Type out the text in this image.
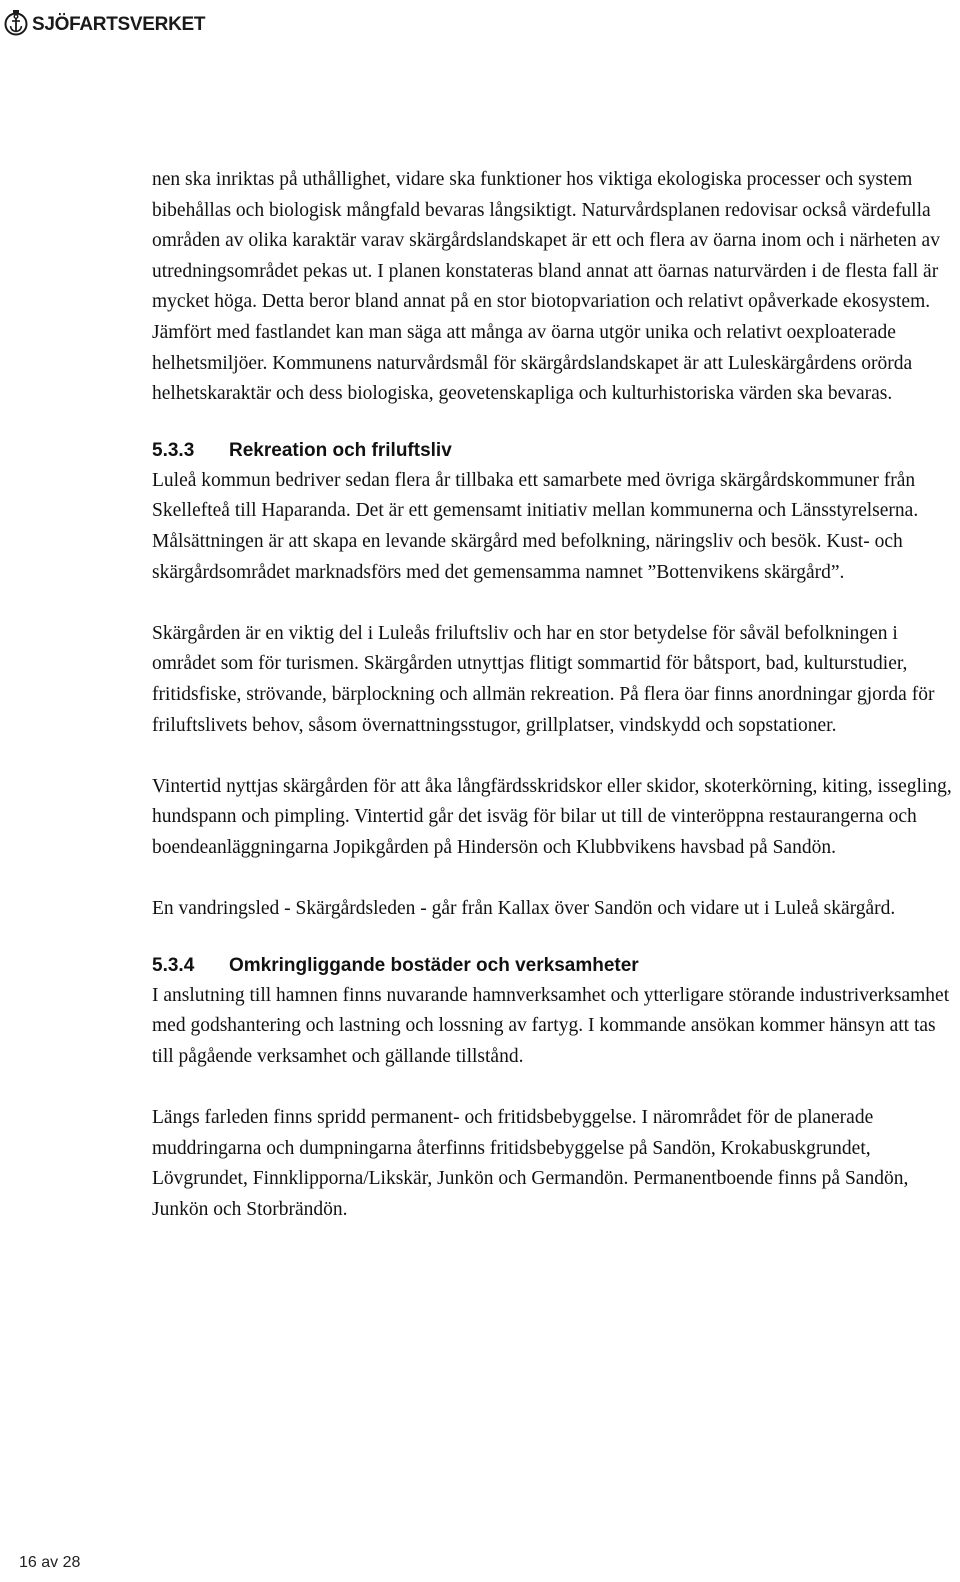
SJÖFARTSVERKET

nen ska inriktas på uthållighet, vidare ska funktioner hos viktiga ekologiska processer och system bibehållas och biologisk mångfald bevaras långsiktigt. Naturvårdsplanen redovisar också värdefulla områden av olika karaktär varav skärgårdslandskapet är ett och flera av öarna inom och i närheten av utredningsområdet pekas ut. I planen konstateras bland annat att öarnas naturvärden i de flesta fall är mycket höga. Detta beror bland annat på en stor biotopvariation och relativt opåverkade ekosystem. Jämfört med fastlandet kan man säga att många av öarna utgör unika och relativt oexploaterade helhetsmiljöer. Kommunens naturvårdsmål för skärgårdslandskapet är att Luleskärgårdens orörda helhetskaraktär och dess biologiska, geovetenskapliga och kulturhistoriska värden ska bevaras.

5.3.3	Rekreation och friluftsliv

Luleå kommun bedriver sedan flera år tillbaka ett samarbete med övriga skärgårdskommuner från Skellefteå till Haparanda. Det är ett gemensamt initiativ mellan kommunerna och Länsstyrelserna. Målsättningen är att skapa en levande skärgård med befolkning, näringsliv och besök. Kust- och skärgårdsområdet marknadsförs med det gemensamma namnet ”Bottenvikens skärgård”.

Skärgården är en viktig del i Luleås friluftsliv och har en stor betydelse för såväl befolkningen i området som för turismen. Skärgården utnyttjas flitigt sommartid för båtsport, bad, kulturstudier, fritidsfiske, strövande, bärplockning och allmän rekreation. På flera öar finns anordningar gjorda för friluftslivets behov, såsom övernattningsstugor, grillplatser, vindskydd och sopstationer.

Vintertid nyttjas skärgården för att åka långfärdsskridskor eller skidor, skoterkörning, kiting, issegling, hundspann och pimpling. Vintertid går det isväg för bilar ut till de vinteröppna restaurangerna och boendeanläggningarna Jopikgården på Hindersön och Klubbvikens havsbad på Sandön.

En vandringsled - Skärgårdsleden - går från Kallax över Sandön och vidare ut i Luleå skärgård.

5.3.4	Omkringliggande bostäder och verksamheter

I anslutning till hamnen finns nuvarande hamnverksamhet och ytterligare störande industriverksamhet med godshantering och lastning och lossning av fartyg. I kommande ansökan kommer hänsyn att tas till pågående verksamhet och gällande tillstånd.

Längs farleden finns spridd permanent- och fritidsbebyggelse. I närområdet för de planerade muddringarna och dumpningarna återfinns fritidsbebyggelse på Sandön, Krokabuskgrundet, Lövgrundet, Finnklipporna/Likskär, Junkön och Germandön. Permanentboende finns på Sandön, Junkön och Storbrändön.

16 av 28
